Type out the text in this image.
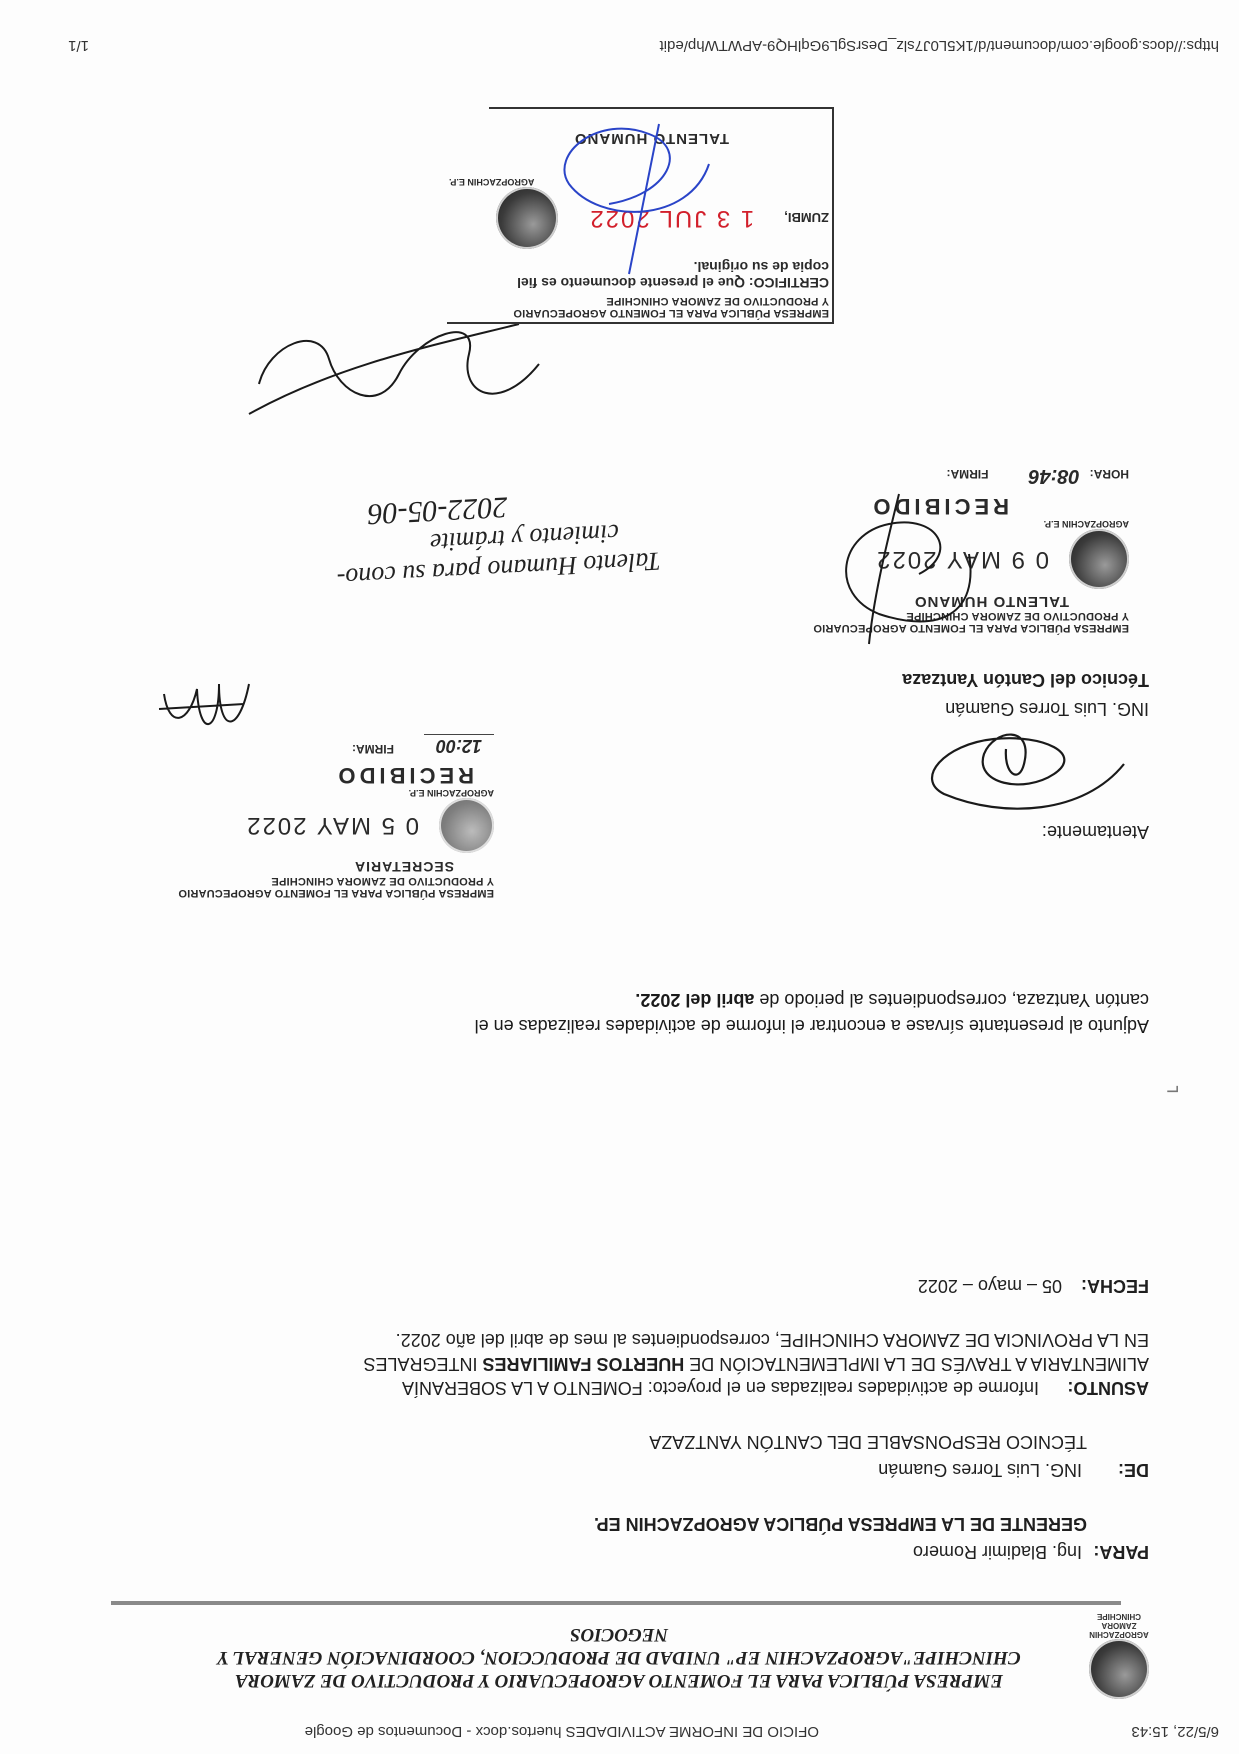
6/5/22, 15:43
OFICIO DE INFORME ACTIVIDADES huertos.docx - Documentos de Google
AGROPZACHIN
ZAMORA CHINCHIPE
EMPRESA PÚBLICA PARA EL FOMENTO AGROPECUARIO Y PRODUCTIVO DE ZAMORA
CHINCHIPE"AGROPZACHIN EP" UNIDAD DE PRODUCCION, COORDINACIÓN GENERAL Y
NEGOCIOS
PARA: Ing. Bladimir Romero
GERENTE DE LA EMPRESA PÚBLICA AGROPZACHIN EP.
DE: ING. Luis Torres Guamán
TÉCNICO RESPONSABLE DEL CANTÓN YANTZAZA
ASUNTO: Informe de actividades realizadas en el proyecto: FOMENTO A LA SOBERANÍA
ALIMENTARIA A TRAVÉS DE LA IMPLEMENTACIÓN DE HUERTOS FAMILIARES INTEGRALES
EN LA PROVINCIA DE ZAMORA CHINCHIPE, correspondientes al mes de abril del año 2022.
FECHA: 05 – mayo – 2022
⌐
Adjunto al presentante sírvase a encontrar el informe de actividades realizadas en el
cantón Yantzaza, correspondientes al periodo de abril del 2022.
Atentamente:
ING. Luis Torres Guamán
Técnico del Cantón Yantzaza
EMPRESA PÚBLICA PARA EL FOMENTO AGROPECUARIO
Y PRODUCTIVO DE ZAMORA CHINCHIPE
SECRETARIA
0 5 MAY 2022
AGROPZACHIN E.P.
RECIBIDO
12:00
FIRMA:
EMPRESA PÚBLICA PARA EL FOMENTO AGROPECUARIO
Y PRODUCTIVO DE ZAMORA CHINCHIPE
TALENTO HUMANO
0 9 MAY 2022
AGROPZACHIN E.P.
RECIBIDO
HORA:
08:46
FIRMA:
Talento Humano para su cono-
cimiento y trámite
2022-05-06
EMPRESA PÚBLICA PARA EL FOMENTO AGROPECUARIO
Y PRODUCTIVO DE ZAMORA CHINCHIPE
CERTIFICO: Que el presente documento es fiel
copia de su original.
ZUMBI,
1 3 JUL 2022
AGROPZACHIN E.P.
TALENTO HUMANO
1/1	https://docs.google.com/document/d/1K5L0J7slz_DesrSgL9GqlHQ9-APWTWhp/edit
